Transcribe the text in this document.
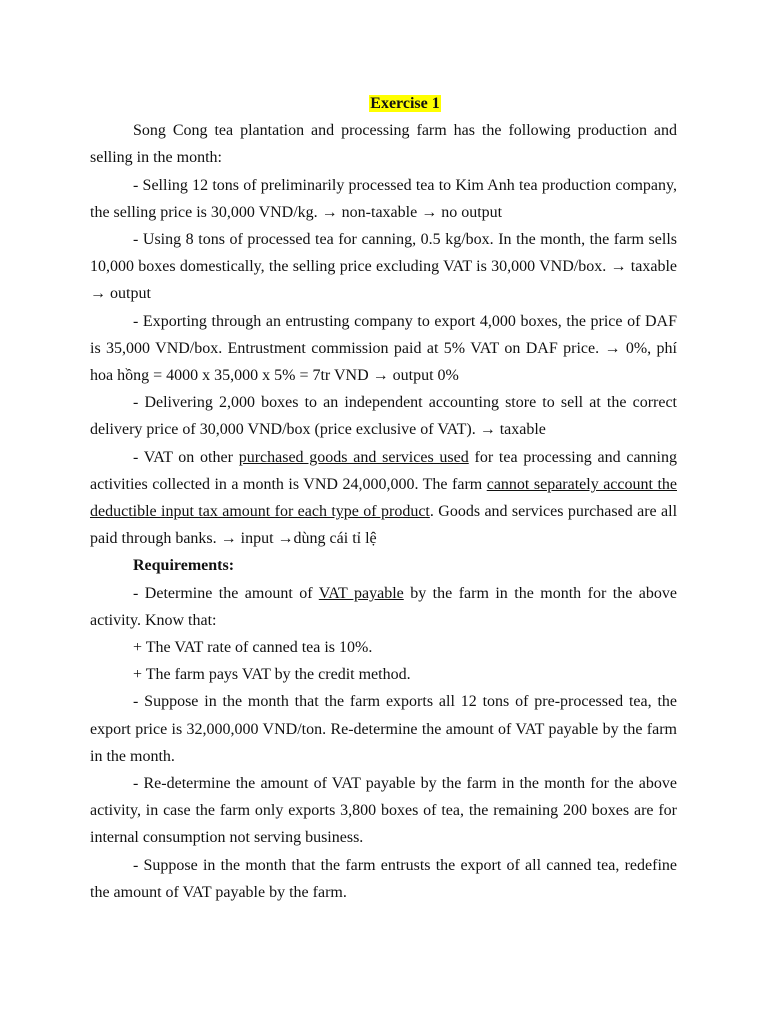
Exercise 1

Song Cong tea plantation and processing farm has the following production and selling in the month:

- Selling 12 tons of preliminarily processed tea to Kim Anh tea production company, the selling price is 30,000 VND/kg. → non-taxable → no output

- Using 8 tons of processed tea for canning, 0.5 kg/box. In the month, the farm sells 10,000 boxes domestically, the selling price excluding VAT is 30,000 VND/box. → taxable → output

- Exporting through an entrusting company to export 4,000 boxes, the price of DAF is 35,000 VND/box. Entrustment commission paid at 5% VAT on DAF price. → 0%, phí hoa hồng = 4000 x 35,000 x 5% = 7tr VND → output 0%

- Delivering 2,000 boxes to an independent accounting store to sell at the correct delivery price of 30,000 VND/box (price exclusive of VAT). → taxable

- VAT on other purchased goods and services used for tea processing and canning activities collected in a month is VND 24,000,000. The farm cannot separately account the deductible input tax amount for each type of product. Goods and services purchased are all paid through banks. → input →dùng cái tỉ lệ

Requirements:

- Determine the amount of VAT payable by the farm in the month for the above activity. Know that:

+ The VAT rate of canned tea is 10%.

+ The farm pays VAT by the credit method.

- Suppose in the month that the farm exports all 12 tons of pre-processed tea, the export price is 32,000,000 VND/ton. Re-determine the amount of VAT payable by the farm in the month.

- Re-determine the amount of VAT payable by the farm in the month for the above activity, in case the farm only exports 3,800 boxes of tea, the remaining 200 boxes are for internal consumption not serving business.

- Suppose in the month that the farm entrusts the export of all canned tea, redefine the amount of VAT payable by the farm.
